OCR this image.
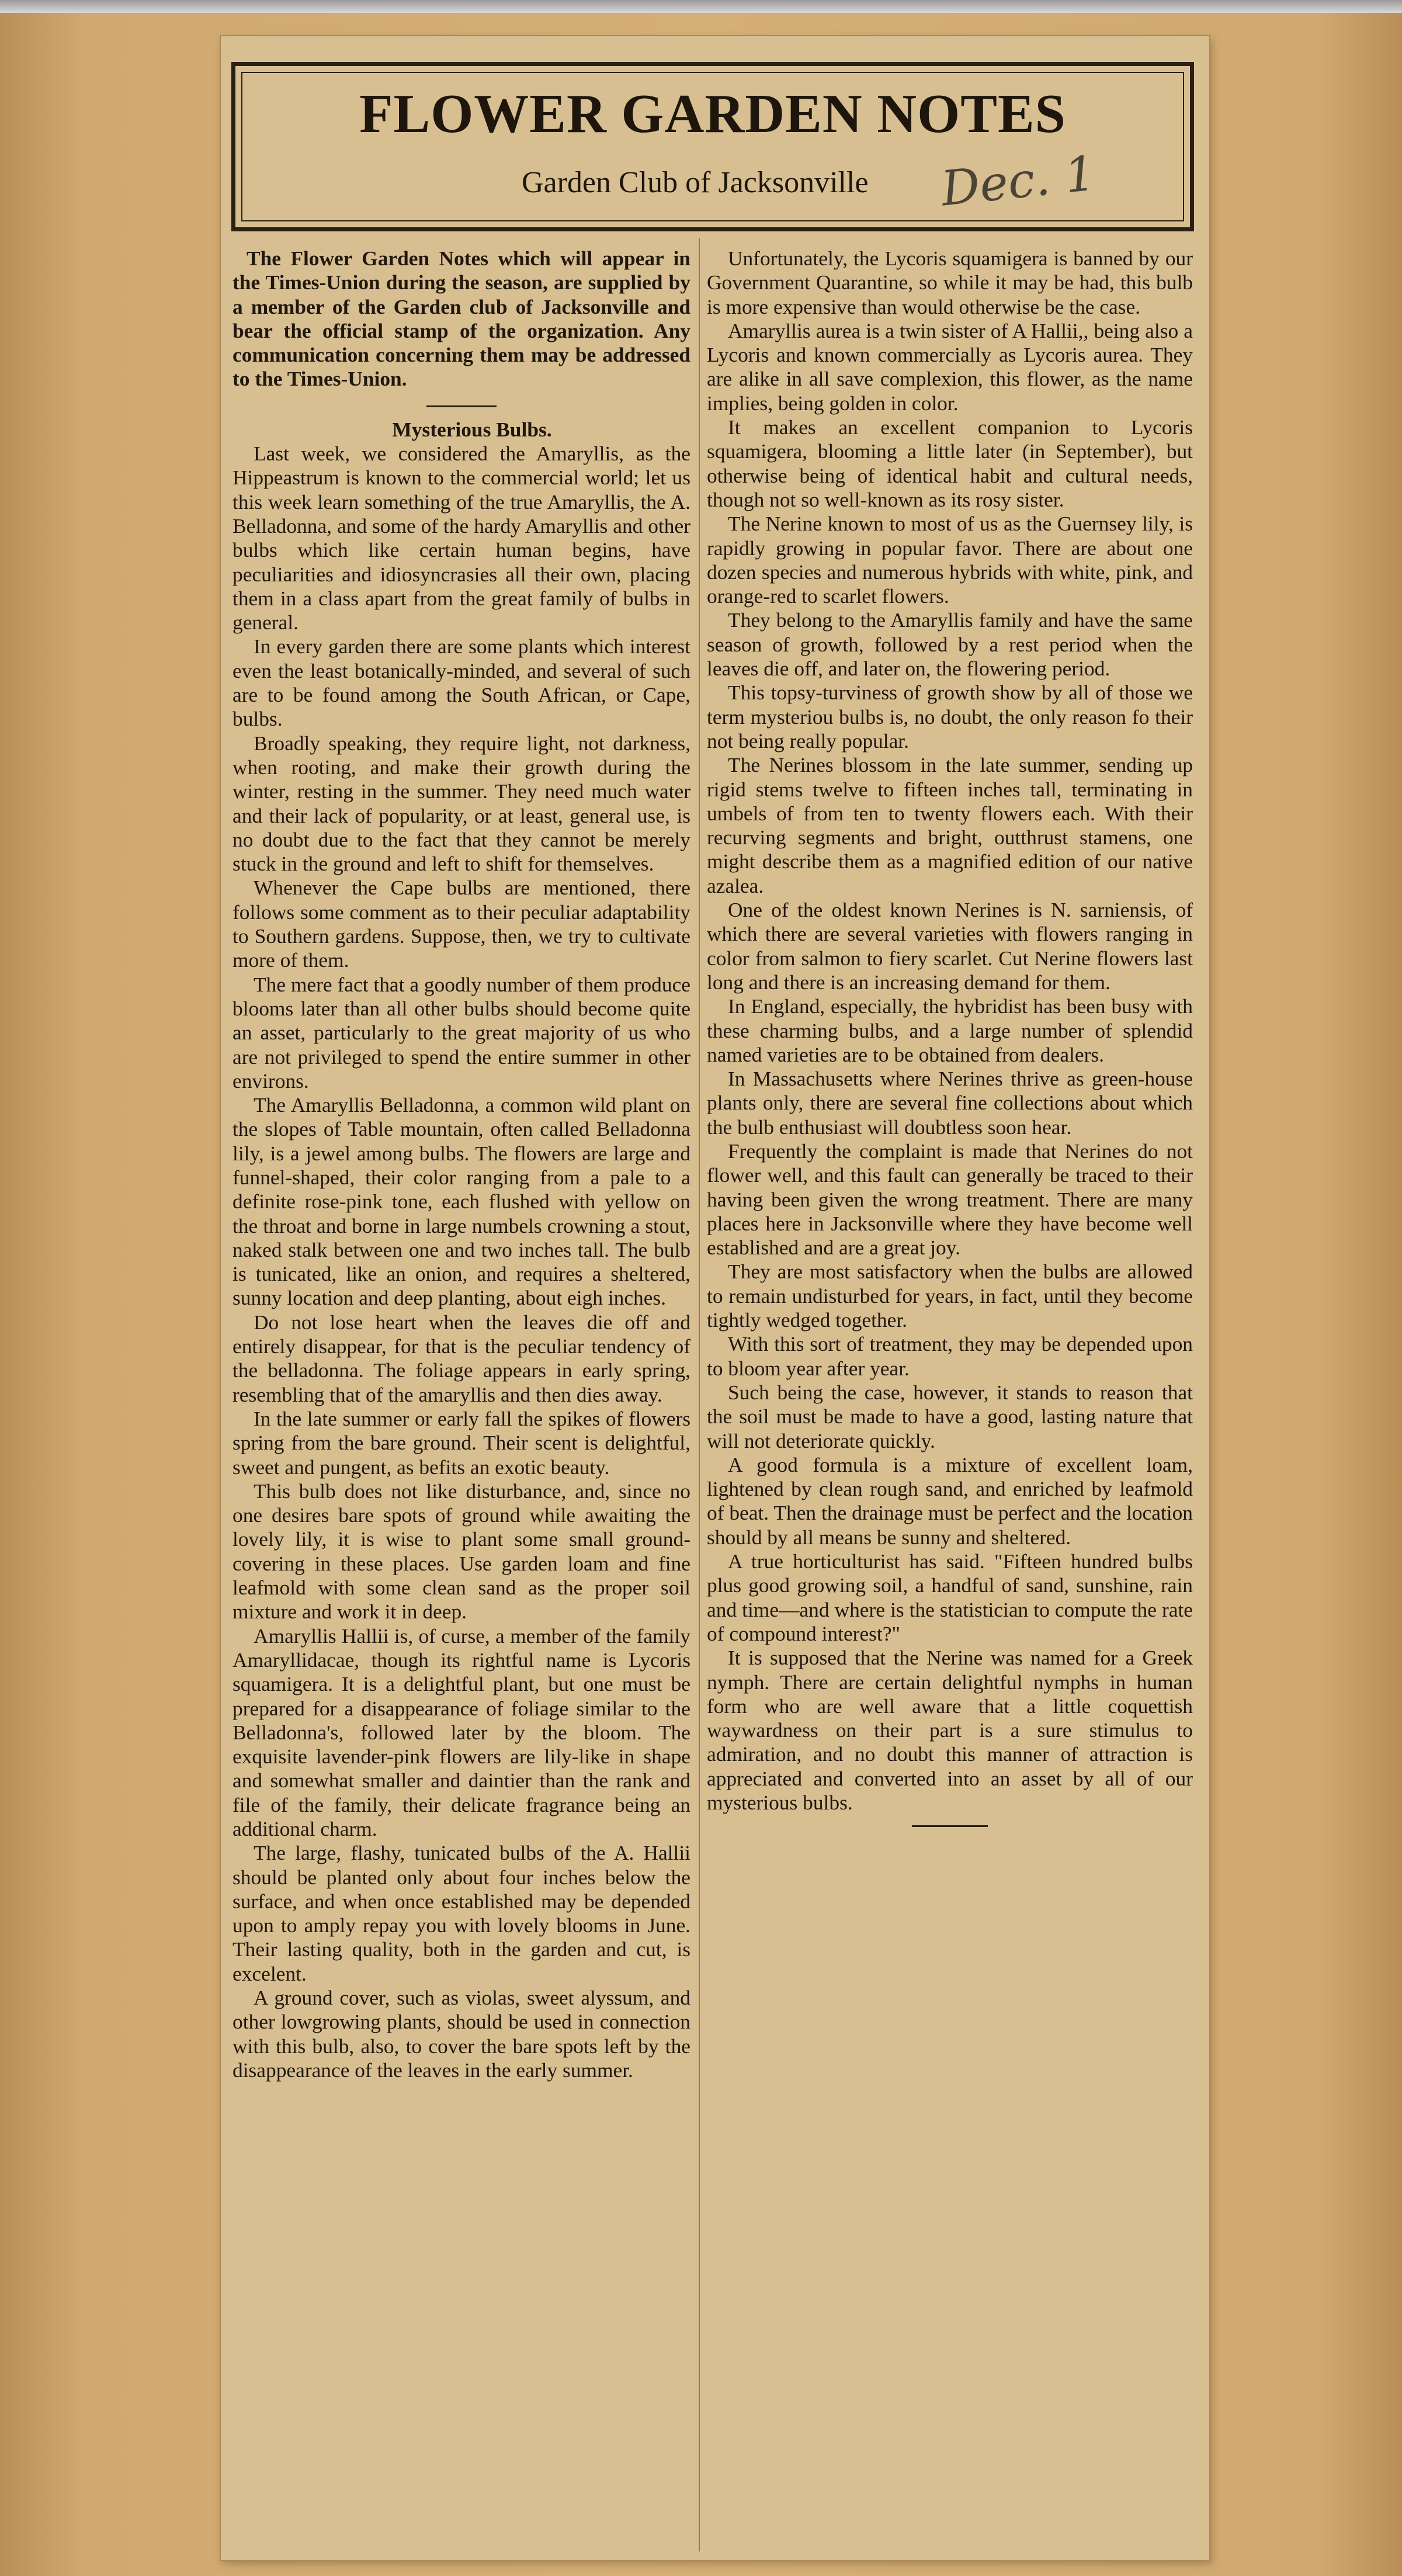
FLOWER GARDEN NOTES
Garden Club of Jacksonville Dec. 1

The Flower Garden Notes which will appear in the Times-Union during the season, are supplied by a member of the Garden club of Jacksonville and bear the official stamp of the organization. Any communication concerning them may be addressed to the Times-Union.

Mysterious Bulbs.

Last week, we considered the Amaryllis, as the Hippeastrum is known to the commercial world; let us this week learn something of the true Amaryllis, the A. Belladonna, and some of the hardy Amaryllis and other bulbs which like certain human begins, have peculiarities and idiosyncrasies all their own, placing them in a class apart from the great family of bulbs in general.

In every garden there are some plants which interest even the least botanically-minded, and several of such are to be found among the South African, or Cape, bulbs.

Broadly speaking, they require light, not darkness, when rooting, and make their growth during the winter, resting in the summer. They need much water and their lack of popularity, or at least, general use, is no doubt due to the fact that they cannot be merely stuck in the ground and left to shift for themselves.

Whenever the Cape bulbs are mentioned, there follows some comment as to their peculiar adaptability to Southern gardens. Suppose, then, we try to cultivate more of them.

The mere fact that a goodly number of them produce blooms later than all other bulbs should become quite an asset, particularly to the great majority of us who are not privileged to spend the entire summer in other environs.

The Amaryllis Belladonna, a common wild plant on the slopes of Table mountain, often called Belladonna lily, is a jewel among bulbs. The flowers are large and funnel-shaped, their color ranging from a pale to a definite rose-pink tone, each flushed with yellow on the throat and borne in large numbels crowning a stout, naked stalk between one and two inches tall. The bulb is tunicated, like an onion, and requires a sheltered, sunny location and deep planting, about eigh inches.

Do not lose heart when the leaves die off and entirely disappear, for that is the peculiar tendency of the belladonna. The foliage appears in early spring, resembling that of the amaryllis and then dies away.

In the late summer or early fall the spikes of flowers spring from the bare ground. Their scent is delightful, sweet and pungent, as befits an exotic beauty.

This bulb does not like disturbance, and, since no one desires bare spots of ground while awaiting the lovely lily, it is wise to plant some small ground-covering in these places. Use garden loam and fine leafmold with some clean sand as the proper soil mixture and work it in deep.

Amaryllis Hallii is, of curse, a member of the family Amaryllidacae, though its rightful name is Lycoris squamigera. It is a delightful plant, but one must be prepared for a disappearance of foliage similar to the Belladonna's, followed later by the bloom. The exquisite lavender-pink flowers are lily-like in shape and somewhat smaller and daintier than the rank and file of the family, their delicate fragrance being an additional charm.

The large, flashy, tunicated bulbs of the A. Hallii should be planted only about four inches below the surface, and when once established may be depended upon to amply repay you with lovely blooms in June. Their lasting quality, both in the garden and cut, is excelent.

A ground cover, such as violas, sweet alyssum, and other lowgrowing plants, should be used in connection with this bulb, also, to cover the bare spots left by the disappearance of the leaves in the early summer.

Unfortunately, the Lycoris squamigera is banned by our Government Quarantine, so while it may be had, this bulb is more expensive than would otherwise be the case.

Amaryllis aurea is a twin sister of A Hallii,, being also a Lycoris and known commercially as Lycoris aurea. They are alike in all save complexion, this flower, as the name implies, being golden in color.

It makes an excellent companion to Lycoris squamigera, blooming a little later (in September), but otherwise being of identical habit and cultural needs, though not so well-known as its rosy sister.

The Nerine known to most of us as the Guernsey lily, is rapidly growing in popular favor. There are about one dozen species and numerous hybrids with white, pink, and orange-red to scarlet flowers.

They belong to the Amaryllis family and have the same season of growth, followed by a rest period when the leaves die off, and later on, the flowering period.

This topsy-turviness of growth show by all of those we term mysteriou bulbs is, no doubt, the only reason fo their not being really popular.

The Nerines blossom in the late summer, sending up rigid stems twelve to fifteen inches tall, terminating in umbels of from ten to twenty flowers each. With their recurving segments and bright, outthrust stamens, one might describe them as a magnified edition of our native azalea.

One of the oldest known Nerines is N. sarniensis, of which there are several varieties with flowers ranging in color from salmon to fiery scarlet. Cut Nerine flowers last long and there is an increasing demand for them.

In England, especially, the hybridist has been busy with these charming bulbs, and a large number of splendid named varieties are to be obtained from dealers.

In Massachusetts where Nerines thrive as green-house plants only, there are several fine collections about which the bulb enthusiast will doubtless soon hear.

Frequently the complaint is made that Nerines do not flower well, and this fault can generally be traced to their having been given the wrong treatment. There are many places here in Jacksonville where they have become well established and are a great joy.

They are most satisfactory when the bulbs are allowed to remain undisturbed for years, in fact, until they become tightly wedged together.

With this sort of treatment, they may be depended upon to bloom year after year.

Such being the case, however, it stands to reason that the soil must be made to have a good, lasting nature that will not deteriorate quickly.

A good formula is a mixture of excellent loam, lightened by clean rough sand, and enriched by leafmold of beat. Then the drainage must be perfect and the location should by all means be sunny and sheltered.

A true horticulturist has said. "Fifteen hundred bulbs plus good growing soil, a handful of sand, sunshine, rain and time—and where is the statistician to compute the rate of compound interest?"

It is supposed that the Nerine was named for a Greek nymph. There are certain delightful nymphs in human form who are well aware that a little coquettish waywardness on their part is a sure stimulus to admiration, and no doubt this manner of attraction is appreciated and converted into an asset by all of our mysterious bulbs.
